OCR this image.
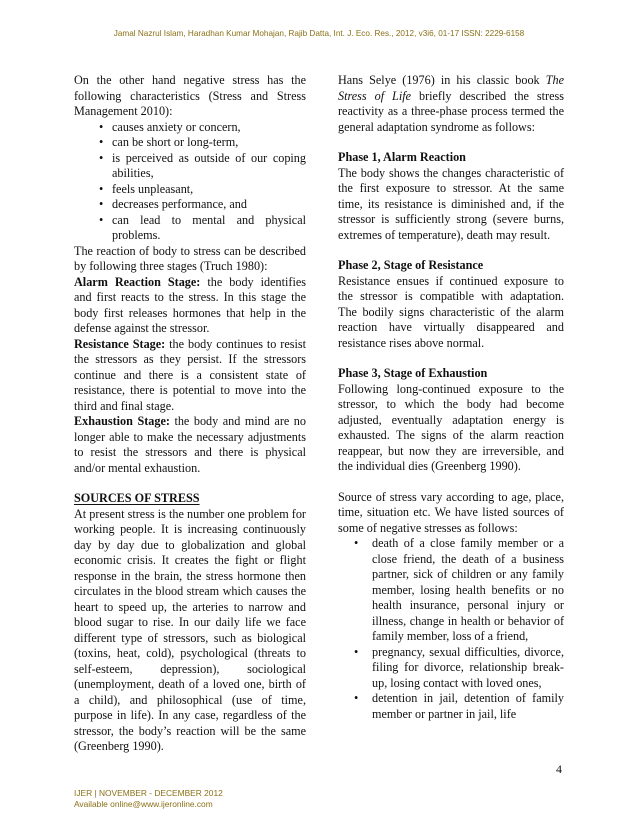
Jamal Nazrul Islam, Haradhan Kumar Mohajan, Rajib Datta, Int. J. Eco. Res., 2012, v3i6, 01-17 ISSN: 2229-6158

On the other hand negative stress has the following characteristics (Stress and Stress Management 2010):

• causes anxiety or concern,
• can be short or long-term,
• is perceived as outside of our coping abilities,
• feels unpleasant,
• decreases performance, and
• can lead to mental and physical problems.

The reaction of body to stress can be described by following three stages (Truch 1980):

Alarm Reaction Stage: the body identifies and first reacts to the stress. In this stage the body first releases hormones that help in the defense against the stressor.

Resistance Stage: the body continues to resist the stressors as they persist. If the stressors continue and there is a consistent state of resistance, there is potential to move into the third and final stage.

Exhaustion Stage: the body and mind are no longer able to make the necessary adjustments to resist the stressors and there is physical and/or mental exhaustion.

SOURCES OF STRESS

At present stress is the number one problem for working people. It is increasing continuously day by day due to globalization and global economic crisis. It creates the fight or flight response in the brain, the stress hormone then circulates in the blood stream which causes the heart to speed up, the arteries to narrow and blood sugar to rise. In our daily life we face different type of stressors, such as biological (toxins, heat, cold), psychological (threats to self-esteem, depression), sociological (unemployment, death of a loved one, birth of a child), and philosophical (use of time, purpose in life). In any case, regardless of the stressor, the body’s reaction will be the same (Greenberg 1990).

Hans Selye (1976) in his classic book The Stress of Life briefly described the stress reactivity as a three-phase process termed the general adaptation syndrome as follows:

Phase 1, Alarm Reaction

The body shows the changes characteristic of the first exposure to stressor. At the same time, its resistance is diminished and, if the stressor is sufficiently strong (severe burns, extremes of temperature), death may result.

Phase 2, Stage of Resistance

Resistance ensues if continued exposure to the stressor is compatible with adaptation. The bodily signs characteristic of the alarm reaction have virtually disappeared and resistance rises above normal.

Phase 3, Stage of Exhaustion

Following long-continued exposure to the stressor, to which the body had become adjusted, eventually adaptation energy is exhausted. The signs of the alarm reaction reappear, but now they are irreversible, and the individual dies (Greenberg 1990).

Source of stress vary according to age, place, time, situation etc. We have listed sources of some of negative stresses as follows:

• death of a close family member or a close friend, the death of a business partner, sick of children or any family member, losing health benefits or no health insurance, personal injury or illness, change in health or behavior of family member, loss of a friend,
• pregnancy, sexual difficulties, divorce, filing for divorce, relationship break-up, losing contact with loved ones,
• detention in jail, detention of family member or partner in jail, life
4
IJER | NOVEMBER - DECEMBER 2012
Available online@www.ijeronline.com
